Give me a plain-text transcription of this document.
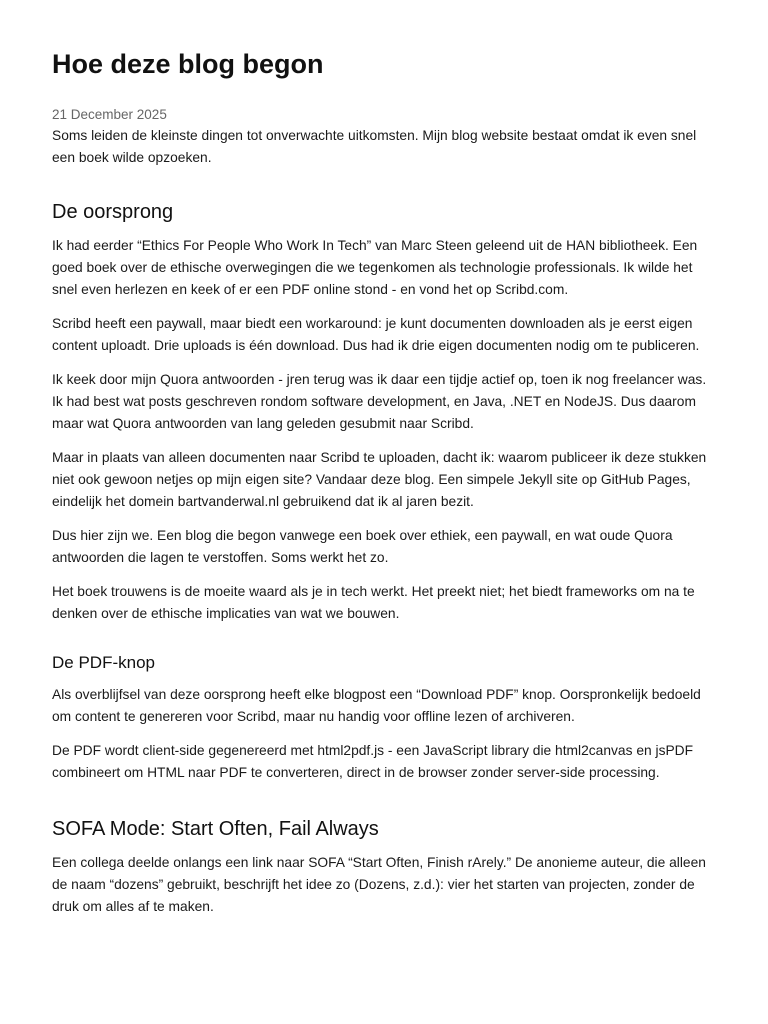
Hoe deze blog begon

21 December 2025

Soms leiden de kleinste dingen tot onverwachte uitkomsten. Mijn blog website bestaat omdat ik even snel een boek wilde opzoeken.

De oorsprong

Ik had eerder “Ethics For People Who Work In Tech” van Marc Steen geleend uit de HAN bibliotheek. Een goed boek over de ethische overwegingen die we tegenkomen als technologie professionals. Ik wilde het snel even herlezen en keek of er een PDF online stond - en vond het op Scribd.com.

Scribd heeft een paywall, maar biedt een workaround: je kunt documenten downloaden als je eerst eigen content uploadt. Drie uploads is één download. Dus had ik drie eigen documenten nodig om te publiceren.

Ik keek door mijn Quora antwoorden - jren terug was ik daar een tijdje actief op, toen ik nog freelancer was. Ik had best wat posts geschreven rondom software development, en Java, .NET en NodeJS. Dus daarom maar wat Quora antwoorden van lang geleden gesubmit naar Scribd.

Maar in plaats van alleen documenten naar Scribd te uploaden, dacht ik: waarom publiceer ik deze stukken niet ook gewoon netjes op mijn eigen site? Vandaar deze blog. Een simpele Jekyll site op GitHub Pages, eindelijk het domein bartvanderwal.nl gebruikend dat ik al jaren bezit.

Dus hier zijn we. Een blog die begon vanwege een boek over ethiek, een paywall, en wat oude Quora antwoorden die lagen te verstoffen. Soms werkt het zo.

Het boek trouwens is de moeite waard als je in tech werkt. Het preekt niet; het biedt frameworks om na te denken over de ethische implicaties van wat we bouwen.

De PDF-knop

Als overblijfsel van deze oorsprong heeft elke blogpost een “Download PDF” knop. Oorspronkelijk bedoeld om content te genereren voor Scribd, maar nu handig voor offline lezen of archiveren.

De PDF wordt client-side gegenereerd met html2pdf.js - een JavaScript library die html2canvas en jsPDF combineert om HTML naar PDF te converteren, direct in de browser zonder server-side processing.

SOFA Mode: Start Often, Fail Always

Een collega deelde onlangs een link naar SOFA “Start Often, Finish rArely.” De anonieme auteur, die alleen de naam “dozens” gebruikt, beschrijft het idee zo (Dozens, z.d.): vier het starten van projecten, zonder de druk om alles af te maken.
